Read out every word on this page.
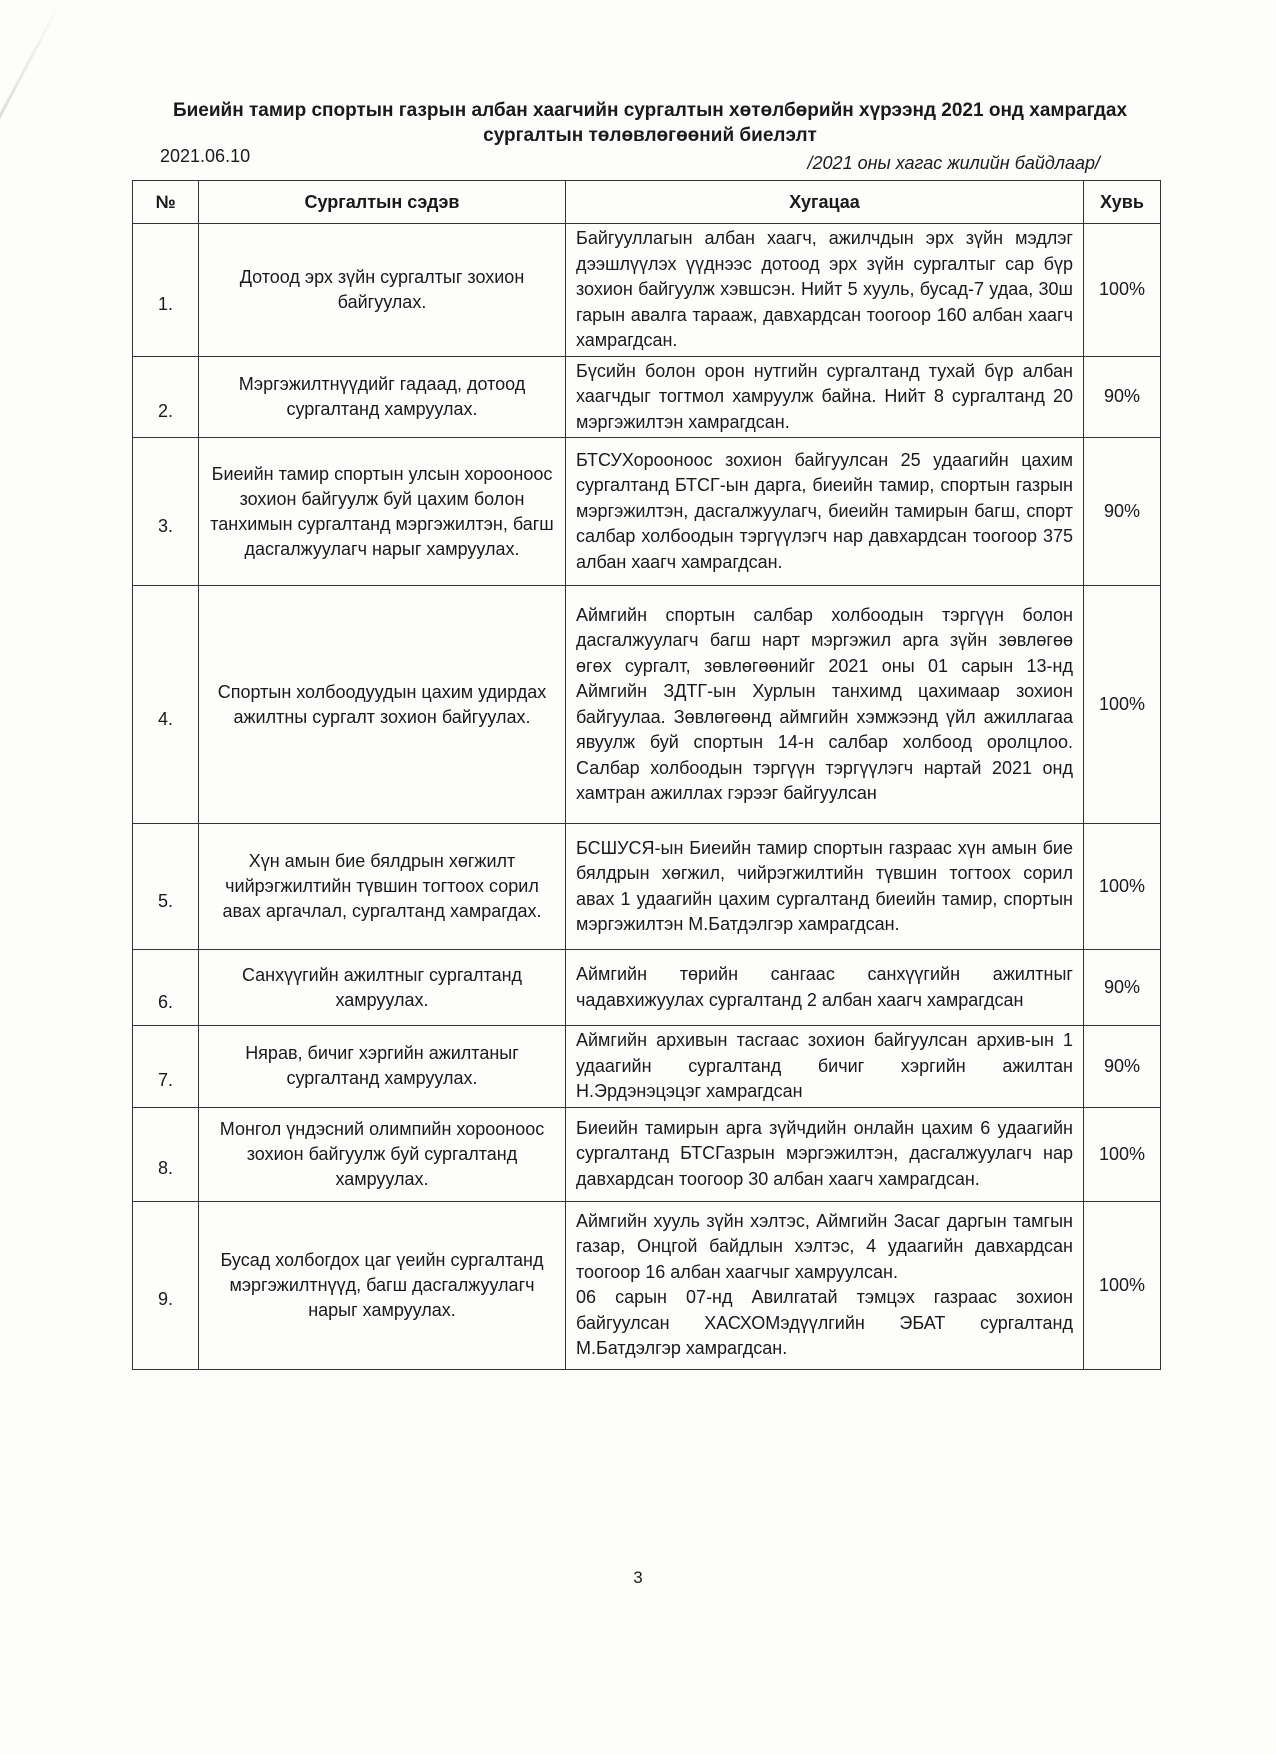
Биеийн тамир спортын газрын албан хаагчийн сургалтын хөтөлбөрийн хүрээнд 2021 онд хамрагдах сургалтын төлөвлөгөөний биелэлт
2021.06.10	/2021 оны хагас жилийн байдлаар/
№	Сургалтын сэдэв	Хугацаа	Хувь
1.	Дотоод эрх зүйн сургалтыг зохион байгуулах.	Байгууллагын албан хаагч, ажилчдын эрх зүйн мэдлэг дээшлүүлэх үүднээс дотоод эрх зүйн сургалтыг сар бүр зохион байгуулж хэвшсэн. Нийт 5 хууль, бусад-7 удаа, 30ш гарын авалга тарааж, давхардсан тоогоор 160 албан хаагч хамрагдсан.	100%
2.	Мэргэжилтнүүдийг гадаад, дотоод сургалтанд хамруулах.	Бүсийн болон орон нутгийн сургалтанд тухай бүр албан хаагчдыг тогтмол хамруулж байна. Нийт 8 сургалтанд 20 мэргэжилтэн хамрагдсан.	90%
3.	Биеийн тамир спортын улсын хорооноос зохион байгуулж буй цахим болон танхимын сургалтанд мэргэжилтэн, багш дасгалжуулагч нарыг хамруулах.	БТСУХорооноос зохион байгуулсан 25 удаагийн цахим сургалтанд БТСГ-ын дарга, биеийн тамир, спортын газрын мэргэжилтэн, дасгалжуулагч, биеийн тамирын багш, спорт салбар холбоодын тэргүүлэгч нар давхардсан тоогоор 375 албан хаагч хамрагдсан.	90%
4.	Спортын холбоодуудын цахим удирдах ажилтны сургалт зохион байгуулах.	Аймгийн спортын салбар холбоодын тэргүүн болон дасгалжуулагч багш нарт мэргэжил арга зүйн зөвлөгөө өгөх сургалт, зөвлөгөөнийг 2021 оны 01 сарын 13-нд Аймгийн ЗДТГ-ын Хурлын танхимд цахимаар зохион байгуулаа. Зөвлөгөөнд аймгийн хэмжээнд үйл ажиллагаа явуулж буй спортын 14-н салбар холбоод оролцлоо. Салбар холбоодын тэргүүн тэргүүлэгч нартай 2021 онд хамтран ажиллах гэрээг байгуулсан	100%
5.	Хүн амын бие бялдрын хөгжилт чийрэгжилтийн түвшин тогтоох сорил авах аргачлал, сургалтанд хамрагдах.	БСШУСЯ-ын Биеийн тамир спортын газраас хүн амын бие бялдрын хөгжил, чийрэгжилтийн түвшин тогтоох сорил авах 1 удаагийн цахим сургалтанд биеийн тамир, спортын мэргэжилтэн М.Батдэлгэр хамрагдсан.	100%
6.	Санхүүгийн ажилтныг сургалтанд хамруулах.	Аймгийн төрийн сангаас санхүүгийн ажилтныг чадавхижуулах сургалтанд 2 албан хаагч хамрагдсан	90%
7.	Нярав, бичиг хэргийн ажилтаныг сургалтанд хамруулах.	Аймгийн архивын тасгаас зохион байгуулсан архив-ын 1 удаагийн сургалтанд бичиг хэргийн ажилтан Н.Эрдэнэцэцэг хамрагдсан	90%
8.	Монгол үндэсний олимпийн хорооноос зохион байгуулж буй сургалтанд хамруулах.	Биеийн тамирын арга зүйчдийн онлайн цахим 6 удаагийн сургалтанд БТСГазрын мэргэжилтэн, дасгалжуулагч нар давхардсан тоогоор 30 албан хаагч хамрагдсан.	100%
9.	Бусад холбогдох цаг үеийн сургалтанд мэргэжилтнүүд, багш дасгалжуулагч нарыг хамруулах.	Аймгийн хууль зүйн хэлтэс, Аймгийн Засаг даргын тамгын газар, Онцгой байдлын хэлтэс, 4 удаагийн давхардсан тоогоор 16 албан хаагчыг хамруулсан.
06 сарын 07-нд Авилгатай тэмцэх газраас зохион байгуулсан ХАСХОМэдүүлгийн ЭБАТ сургалтанд М.Батдэлгэр хамрагдсан.	100%
3
